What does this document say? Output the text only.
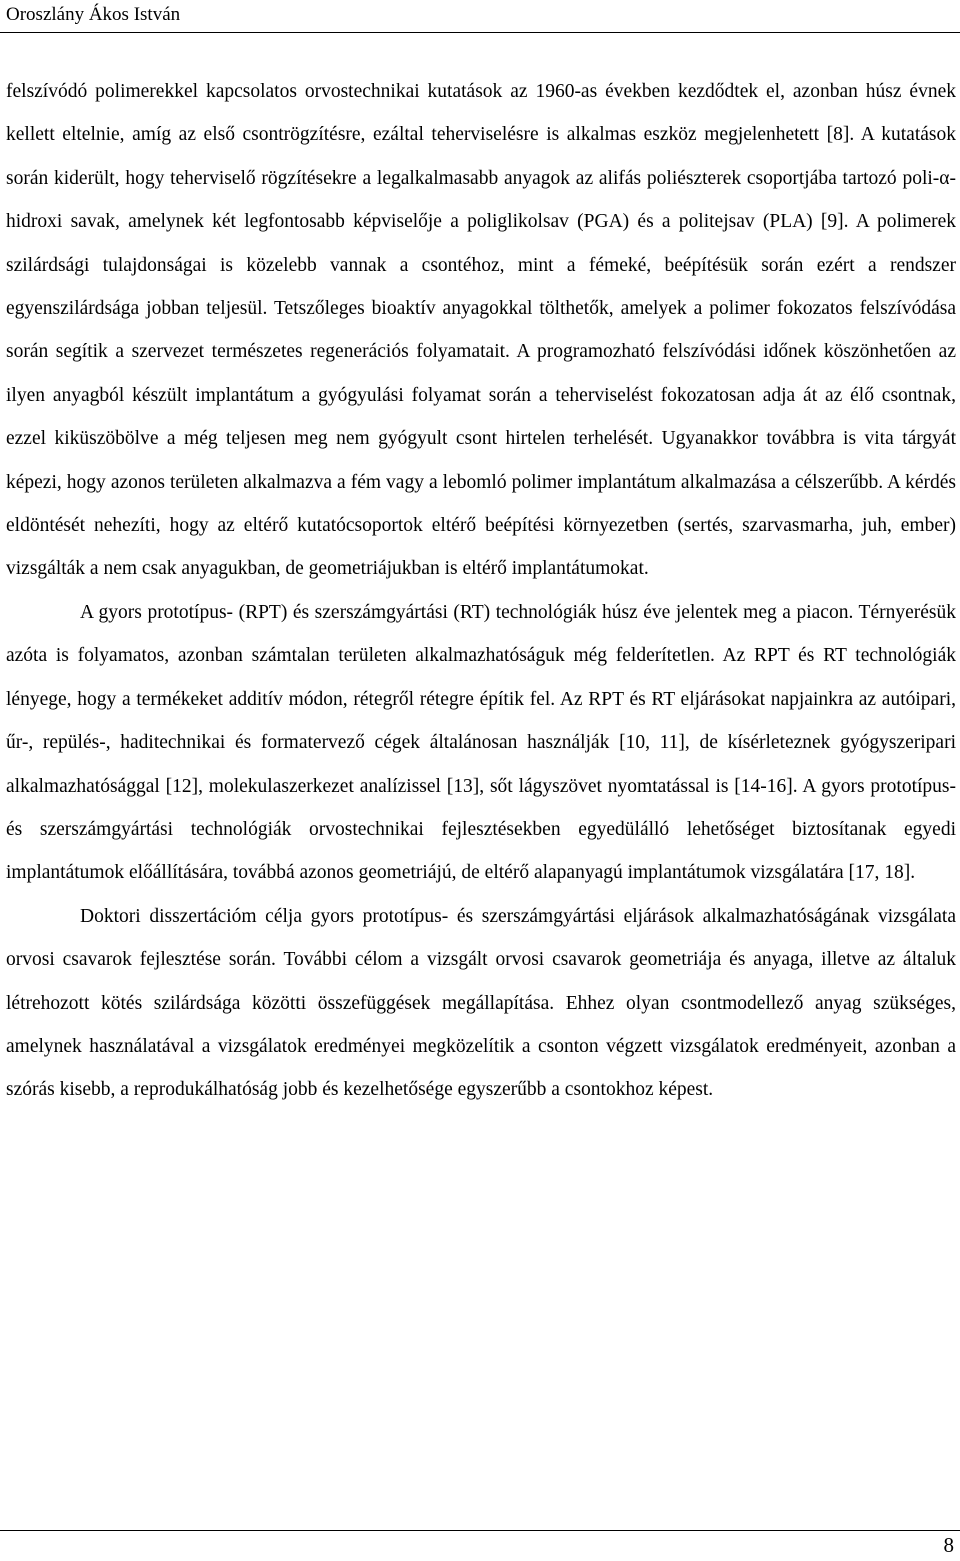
Oroszlány Ákos István

felszívódó polimerekkel kapcsolatos orvostechnikai kutatások az 1960-as években kezdődtek el, azonban húsz évnek kellett eltelnie, amíg az első csontrögzítésre, ezáltal teherviselésre is alkalmas eszköz megjelenhetett [8]. A kutatások során kiderült, hogy teherviselő rögzítésekre a legalkalmasabb anyagok az alifás poliészterek csoportjába tartozó poli-α-hidroxi savak, amelynek két legfontosabb képviselője a poliglikolsav (PGA) és a politejsav (PLA) [9]. A polimerek szilárdsági tulajdonságai is közelebb vannak a csontéhoz, mint a fémeké, beépítésük során ezért a rendszer egyenszilárdsága jobban teljesül. Tetszőleges bioaktív anyagokkal tölthetők, amelyek a polimer fokozatos felszívódása során segítik a szervezet természetes regenerációs folyamatait. A programozható felszívódási időnek köszönhetően az ilyen anyagból készült implantátum a gyógyulási folyamat során a teherviselést fokozatosan adja át az élő csontnak, ezzel kiküszöbölve a még teljesen meg nem gyógyult csont hirtelen terhelését. Ugyanakkor továbbra is vita tárgyát képezi, hogy azonos területen alkalmazva a fém vagy a lebomló polimer implantátum alkalmazása a célszerűbb. A kérdés eldöntését nehezíti, hogy az eltérő kutatócsoportok eltérő beépítési környezetben (sertés, szarvasmarha, juh, ember) vizsgálták a nem csak anyagukban, de geometriájukban is eltérő implantátumokat.

A gyors prototípus- (RPT) és szerszámgyártási (RT) technológiák húsz éve jelentek meg a piacon. Térnyerésük azóta is folyamatos, azonban számtalan területen alkalmazhatóságuk még felderítetlen. Az RPT és RT technológiák lényege, hogy a termékeket additív módon, rétegről rétegre építik fel. Az RPT és RT eljárásokat napjainkra az autóipari, űr-, repülés-, haditechnikai és formatervező cégek általánosan használják [10, 11], de kísérleteznek gyógyszeripari alkalmazhatósággal [12], molekulaszerkezet analízissel [13], sőt lágyszövet nyomtatással is [14-16]. A gyors prototípus- és szerszámgyártási technológiák orvostechnikai fejlesztésekben egyedülálló lehetőséget biztosítanak egyedi implantátumok előállítására, továbbá azonos geometriájú, de eltérő alapanyagú implantátumok vizsgálatára [17, 18].

Doktori disszertációm célja gyors prototípus- és szerszámgyártási eljárások alkalmazhatóságának vizsgálata orvosi csavarok fejlesztése során. További célom a vizsgált orvosi csavarok geometriája és anyaga, illetve az általuk létrehozott kötés szilárdsága közötti összefüggések megállapítása. Ehhez olyan csontmodellező anyag szükséges, amelynek használatával a vizsgálatok eredményei megközelítik a csonton végzett vizsgálatok eredményeit, azonban a szórás kisebb, a reprodukálhatóság jobb és kezelhetősége egyszerűbb a csontokhoz képest.

8
